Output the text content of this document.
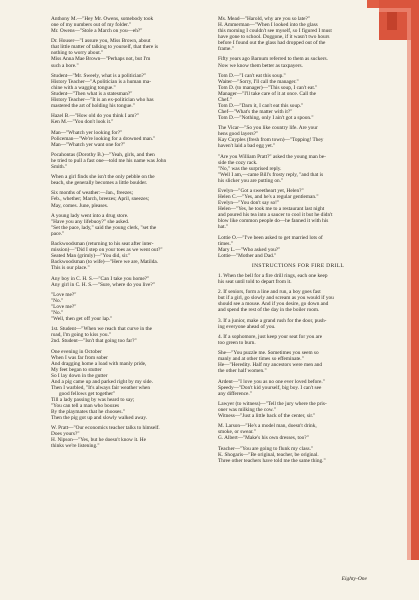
Anthony M.—"Hey Mr. Owens, somebody took
one of my numbers out of my folder."
Mr. Owens—"Stole a March on you—eh?"
Dr. Houser—"I assure you, Miss Brown, about
that little matter of talking to yourself, that there is
nothing to worry about."
Miss Anna Mae Brown—"Perhaps not, but I'm
such a bore."
Student—"Mr. Sweely, what is a politician?"
History Teacher—"A politician is a human ma-
chine with a wagging tongue."
Student—"Then what is a statesman?"
History Teacher—"It is an ex-politician who has
mastered the art of holding his tongue."
Hazel B.—"How old do you think I am?"
Ken M.—"You don't look it."
Man—"Whatch yer looking for?"
Policeman—"We're looking for a drowned man."
Man—"Whatch yer want one for?"
Pocahontas (Dorothy B.)—"Yeah, girls, and then
he tried to pull a fast one—told me his name was John
Smith."
When a girl finds she isn't the only pebble on the
beach, she generally becomes a little boulder.
Six months of weather:—Jan., freezes;
Feb., whether; March, breezes; April, sneezes;
May, comes. June, pleases.
A young lady went into a drug store.
"Have you any lifebuoy?" she asked.
"Set the pace, lady," said the young clerk, "set the
pace."
Backwoodsman (returning to his seat after inter-
mission)—"Did I step on your toes as we went out?"
Seated Man (grimly)—"You did, sir."
Backwoodsman (to wife)—"Here we are, Matilda.
This is our place."
Any boy in C. H. S.—"Can I take you home?"
Any girl in C. H. S.—"Sure, where do you live?"
"Love me?"
"No."
"Love me?"
"No."
"Well, then get off your lap."
1st. Student—"When we reach that curve in the
road, I'm going to kiss you."
2nd. Student—"Isn't that going too far?"
One evening in October
When I was far from sober
And dragging home a load with manly pride,
My feet began to stutter
So I lay down in the gutter
And a pig came up and parked right by my side.
Then I warbled, "It's always fair weather when
good fellows get together"
Till a lady passing by was heard to say;
"You can tell a man who boozes
By the playmates that he chooses."
Then the pig got up and slowly walked away.
W. Pratt—"Our economics teacher talks to himself.
Does yours?"
H. Nipson—"Yes, but he doesn't know it. He
thinks we're listening."
Ms. Mead—"Harold, why are you so late?"
H. Ammerman—"When I looked into the glass
this morning I couldn't see myself, so I figured I must
have gone to school. Doggone, if it wasn't two hours
before I found out the glass had dropped out of the
frame."
Fifty years ago Barnum referred to them as suckers.
Now we know them better as taxpayers.
Tom D.—"I can't eat this soup."
Waiter—"Sorry, I'll call the manager."
Tom D. (to manager)—"This soup, I can't eat."
Manager—"I'll take care of it at once. Call the
Chef."
Tom D.—"Darn it, I can't eat this soup."
Chef—"What's the matter with it?"
Tom D.—"Nothing, only I ain't got a spoon."
The Vicar—"So you like country life. Are your
hens good layers?"
Kay Cuyples (fresh from town)—"Topping! They
haven't laid a bad egg yet."
"Are you William Pratt?" asked the young man be-
side the cozy rack.
"No," was the surprised reply.
"Well I am,—came Bill's frosty reply, "and that is
his slicker you are putting on."
Evelyn—"Got a sweetheart yet, Helen?"
Helen C.—"Yes, and he's a regular gentleman."
Evelyn—"You don't say so!"
Helen—"Yes, he took me to a restaurant last night
and poured his tea into a saucer to cool it but he didn't
blow like common people do—he fanned it with his
hat."
Lottie O.—"I've been asked to get married lots of
times."
Mary L.—"Who asked you?"
Lottie—"Mother and Dad."
INSTRUCTIONS FOR FIRE DRILL
1. When the bell for a fire drill rings, each one keep
his seat until told to depart from it.
2. If seniors, form a line and run, a boy goes fast
but if a girl, go slowly and scream as you would if you
should see a mouse. And if you desire, go down and
and spend the rest of the day in the boiler room.
3. If a junior, make a grand rush for the door, push-
ing everyone ahead of you.
4. If a sophomore, just keep your seat for you are
too green to burn.
She—"You puzzle me. Sometimes you seem so
manly and at other times so effeminate."
He—"Heredity. Half my ancestors were men and
the other half women."
Ardent—"I love you as no one ever loved before."
Speedy—"Don't kid yourself, big boy. I can't see
any difference."
Lawyer (to witness)—"Tell the jury where the pris-
oner was milking the cow."
Witness—"Just a little back of the center, sir."
M. Larson—"He's a model man, doesn't drink,
smoke, or swear."
G. Albert—"Make's his own dresses, too?"
Teacher—"You are going to flunk my class."
K. Shogaris—"Be original, teacher, be original.
Three other teachers have told me the same thing."
Eighty-One
